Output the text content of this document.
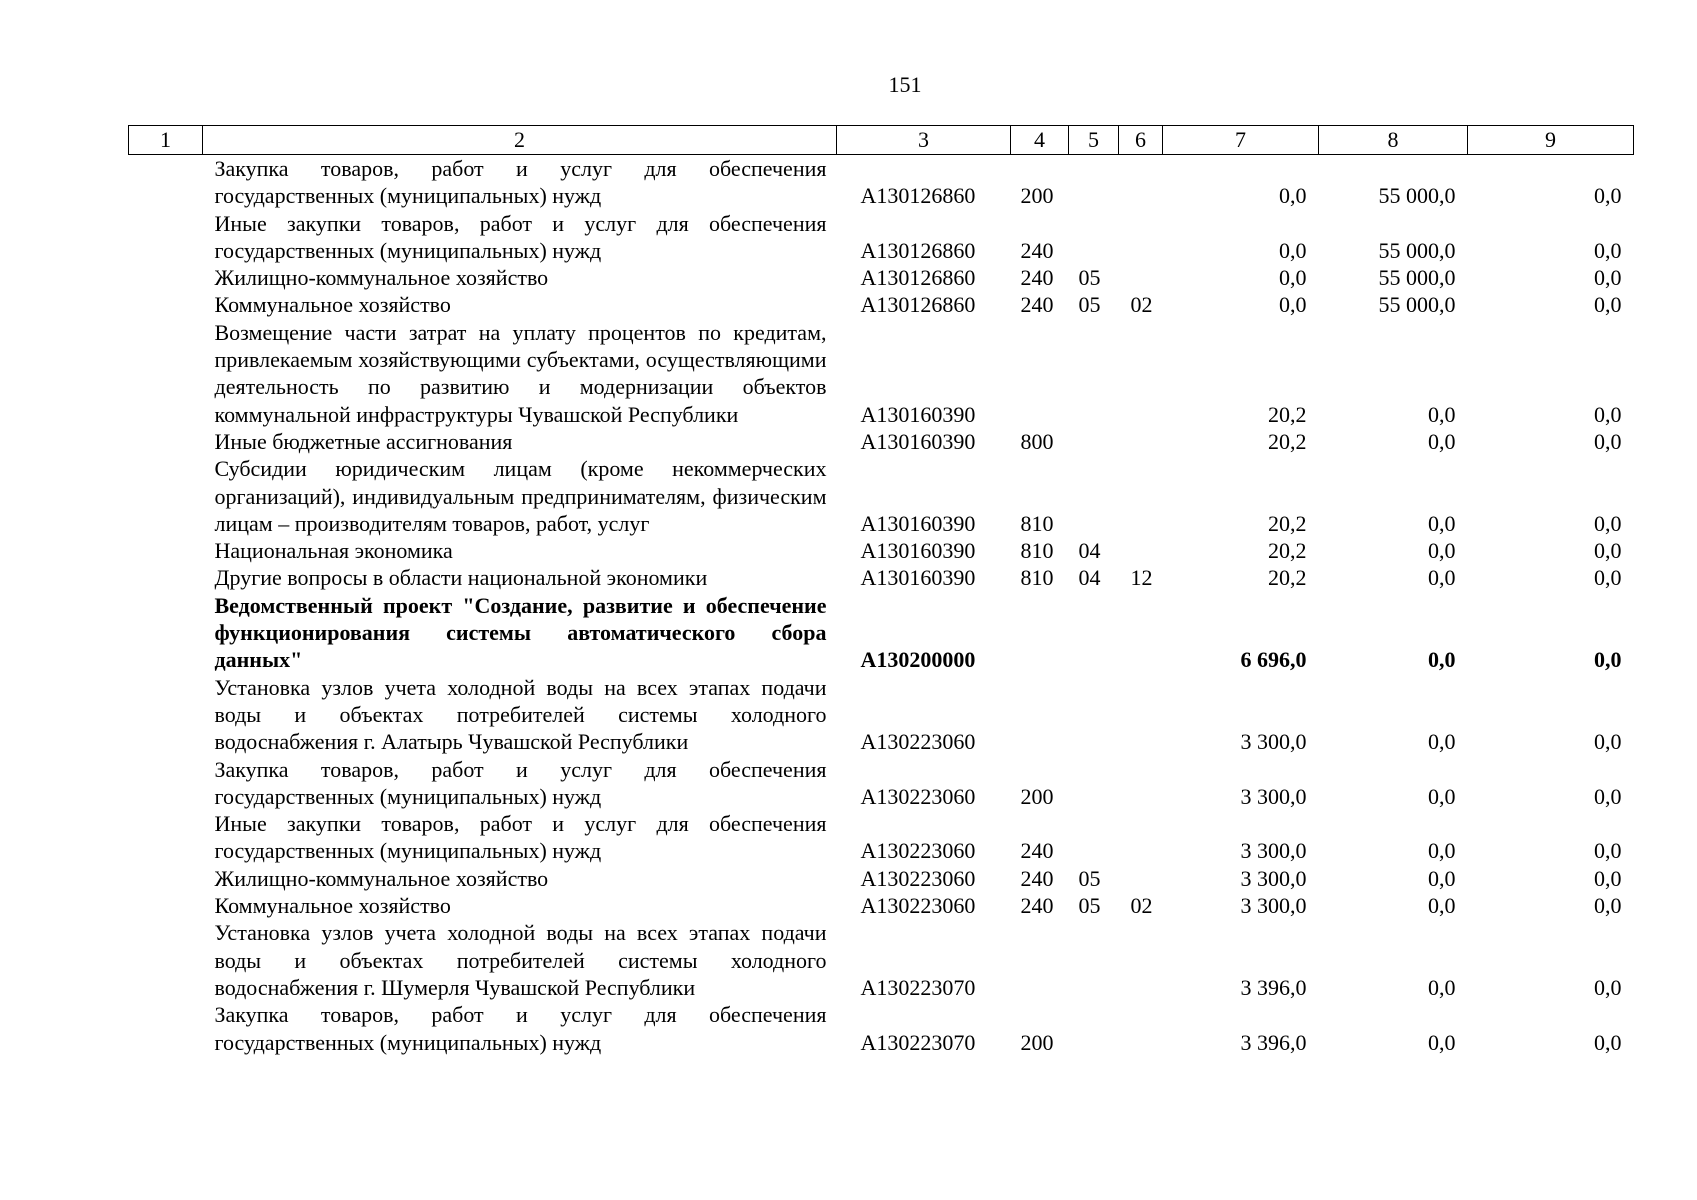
151
1	2	3	4	5	6	7	8	9
	Закупка товаров, работ и услуг для обеспечения государственных (муниципальных) нужд	А130126860	200			0,0	55 000,0	0,0
	Иные закупки товаров, работ и услуг для обеспечения государственных (муниципальных) нужд	А130126860	240			0,0	55 000,0	0,0
	Жилищно-коммунальное хозяйство	А130126860	240	05		0,0	55 000,0	0,0
	Коммунальное хозяйство	А130126860	240	05	02	0,0	55 000,0	0,0
	Возмещение части затрат на уплату процентов по кредитам, привлекаемым хозяйствующими субъектами, осуществляющими деятельность по развитию и модернизации объектов коммунальной инфраструктуры Чувашской Республики	А130160390				20,2	0,0	0,0
	Иные бюджетные ассигнования	А130160390	800			20,2	0,0	0,0
	Субсидии юридическим лицам (кроме некоммерческих организаций), индивидуальным предпринимателям, физическим лицам – производителям товаров, работ, услуг	А130160390	810			20,2	0,0	0,0
	Национальная экономика	А130160390	810	04		20,2	0,0	0,0
	Другие вопросы в области национальной экономики	А130160390	810	04	12	20,2	0,0	0,0
	Ведомственный проект "Создание, развитие и обеспечение функционирования системы автоматического сбора данных"	А130200000				6 696,0	0,0	0,0
	Установка узлов учета холодной воды на всех этапах подачи воды и объектах потребителей системы холодного водоснабжения г. Алатырь Чувашской Республики	А130223060				3 300,0	0,0	0,0
	Закупка товаров, работ и услуг для обеспечения государственных (муниципальных) нужд	А130223060	200			3 300,0	0,0	0,0
	Иные закупки товаров, работ и услуг для обеспечения государственных (муниципальных) нужд	А130223060	240			3 300,0	0,0	0,0
	Жилищно-коммунальное хозяйство	А130223060	240	05		3 300,0	0,0	0,0
	Коммунальное хозяйство	А130223060	240	05	02	3 300,0	0,0	0,0
	Установка узлов учета холодной воды на всех этапах подачи воды и объектах потребителей системы холодного водоснабжения г. Шумерля Чувашской Республики	А130223070				3 396,0	0,0	0,0
	Закупка товаров, работ и услуг для обеспечения государственных (муниципальных) нужд	А130223070	200			3 396,0	0,0	0,0
